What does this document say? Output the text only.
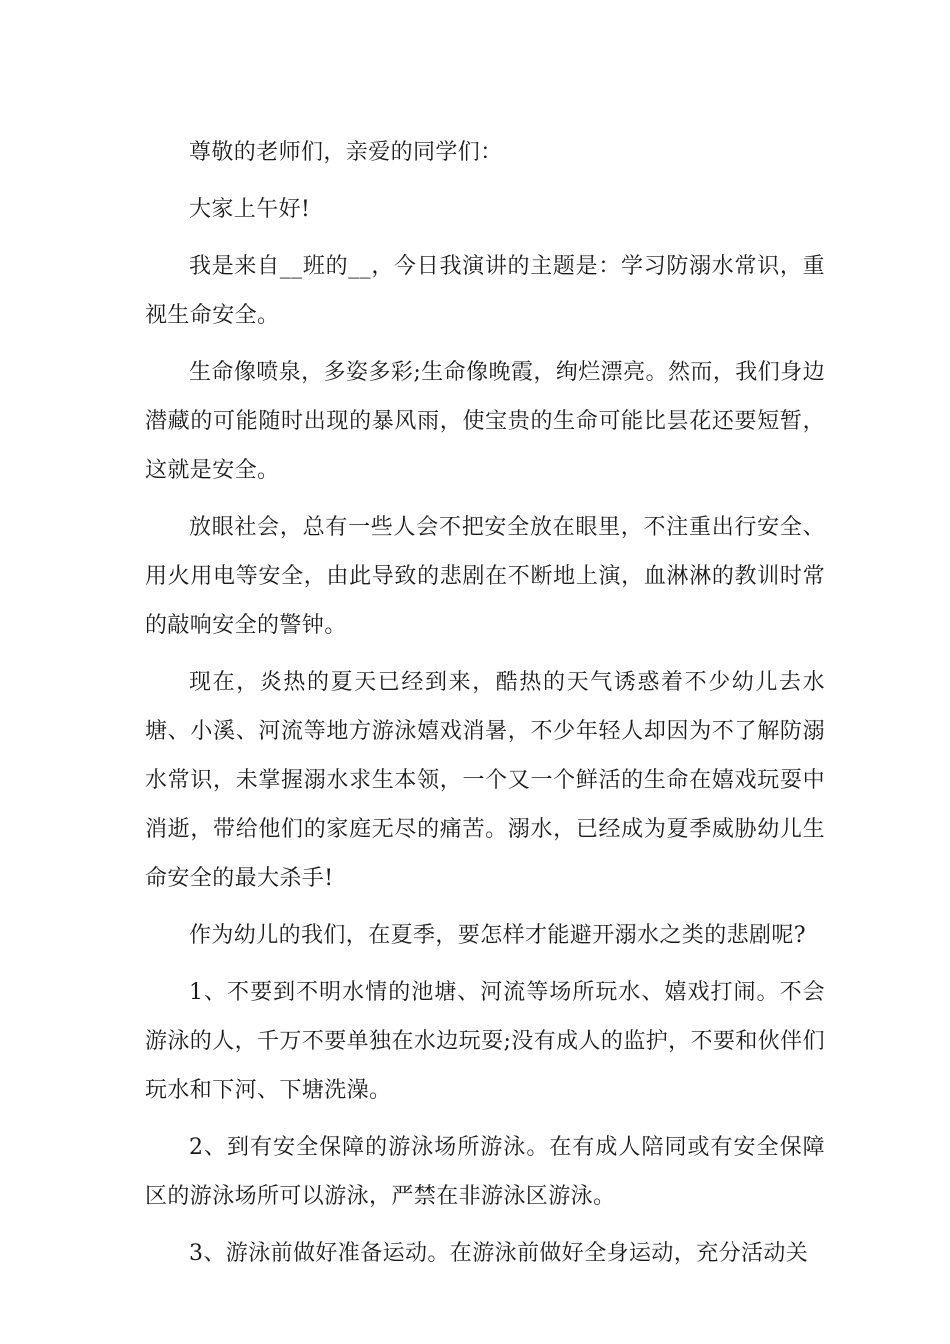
尊敬的老师们，亲爱的同学们：

大家上午好!

我是来自__班的__，今日我演讲的主题是：学习防溺水常识，重视生命安全。

生命像喷泉，多姿多彩;生命像晚霞，绚烂漂亮。然而，我们身边潜藏的可能随时出现的暴风雨，使宝贵的生命可能比昙花还要短暂，这就是安全。

放眼社会，总有一些人会不把安全放在眼里，不注重出行安全、用火用电等安全，由此导致的悲剧在不断地上演，血淋淋的教训时常的敲响安全的警钟。

现在，炎热的夏天已经到来，酷热的天气诱惑着不少幼儿去水塘、小溪、河流等地方游泳嬉戏消暑，不少年轻人却因为不了解防溺水常识，未掌握溺水求生本领，一个又一个鲜活的生命在嬉戏玩耍中消逝，带给他们的家庭无尽的痛苦。溺水，已经成为夏季威胁幼儿生命安全的最大杀手!

作为幼儿的我们，在夏季，要怎样才能避开溺水之类的悲剧呢?

1、不要到不明水情的池塘、河流等场所玩水、嬉戏打闹。不会游泳的人，千万不要单独在水边玩耍;没有成人的监护，不要和伙伴们玩水和下河、下塘洗澡。

2、到有安全保障的游泳场所游泳。在有成人陪同或有安全保障区的游泳场所可以游泳，严禁在非游泳区游泳。

3、游泳前做好准备运动。在游泳前做好全身运动，充分活动关
